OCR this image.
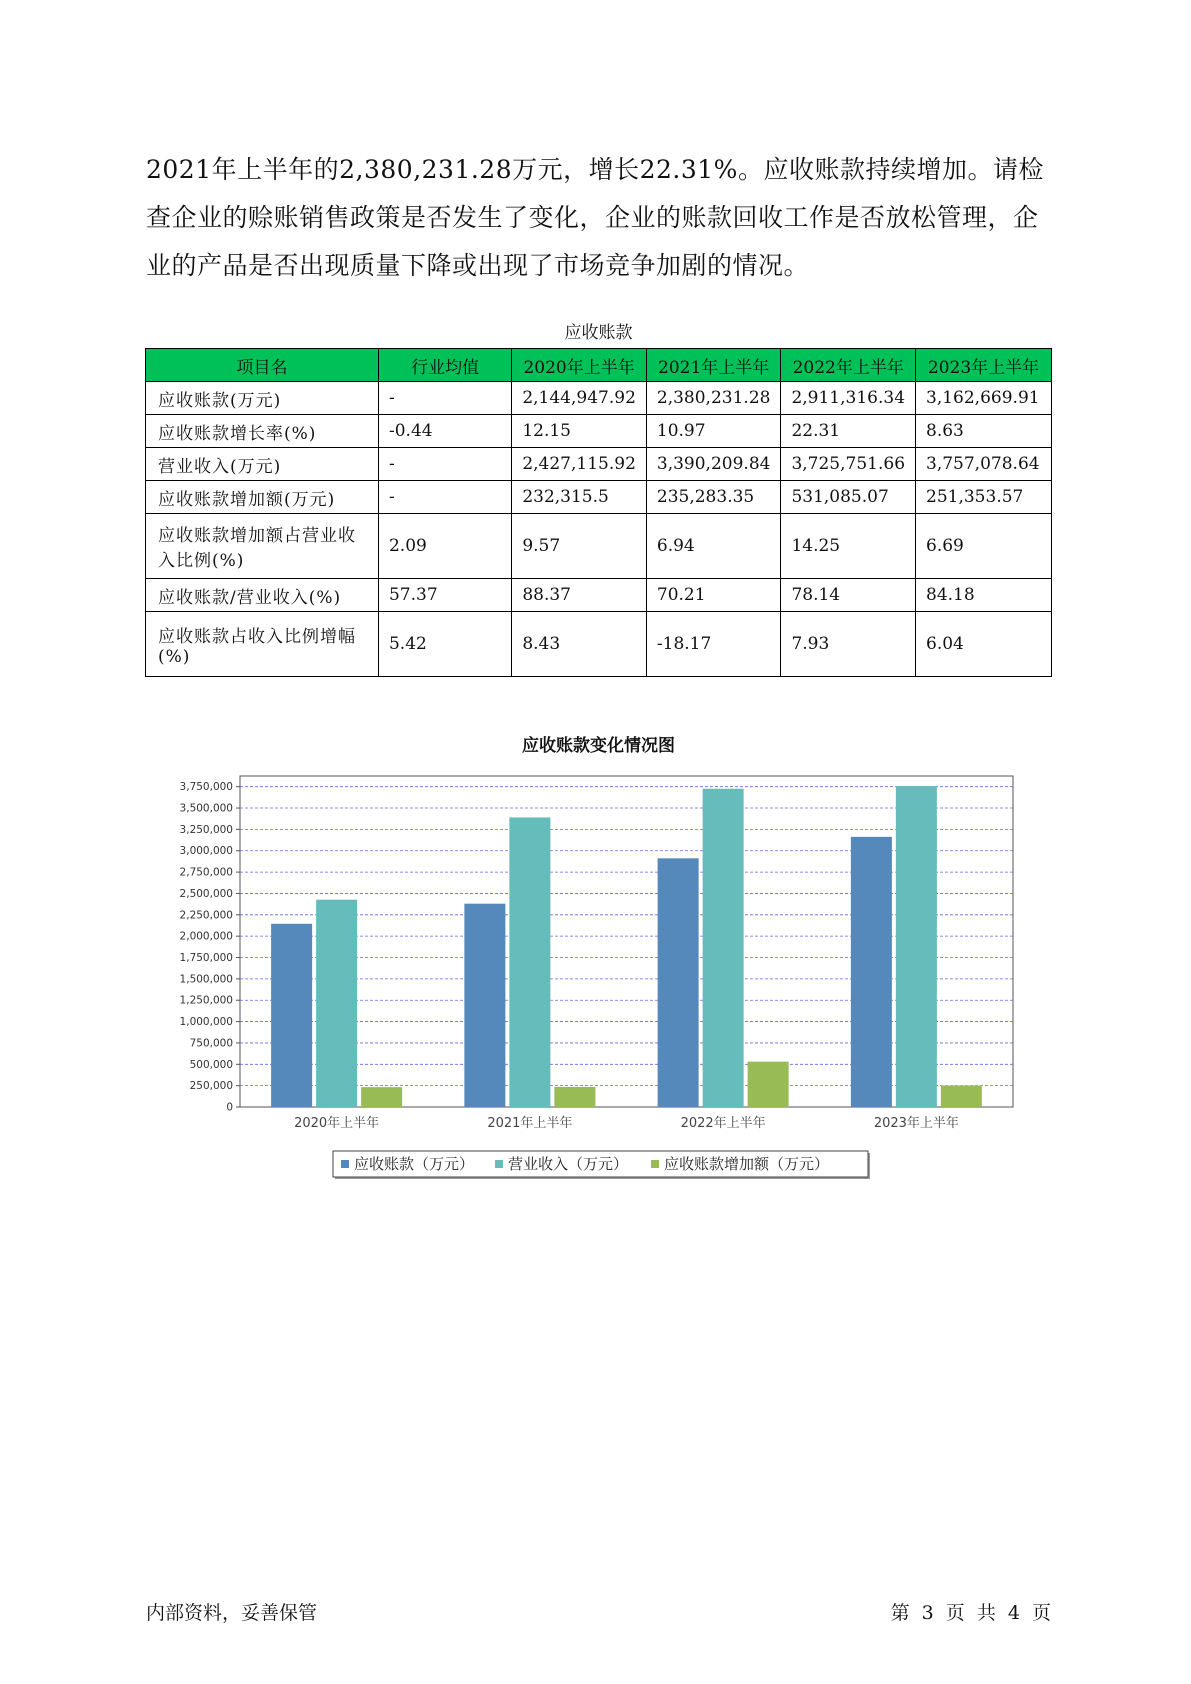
2021年上半年的2,380,231.28万元，增长22.31%。应收账款持续增加。请检查企业的赊账销售政策是否发生了变化，企业的账款回收工作是否放松管理，企业的产品是否出现质量下降或出现了市场竞争加剧的情况。

应收账款
项目名	行业均值	2020年上半年	2021年上半年	2022年上半年	2023年上半年
应收账款(万元)	-	2,144,947.92	2,380,231.28	2,911,316.34	3,162,669.91
应收账款增长率(%)	-0.44	12.15	10.97	22.31	8.63
营业收入(万元)	-	2,427,115.92	3,390,209.84	3,725,751.66	3,757,078.64
应收账款增加额(万元)	-	232,315.5	235,283.35	531,085.07	251,353.57
应收账款增加额占营业收入比例(%)	2.09	9.57	6.94	14.25	6.69
应收账款/营业收入(%)	57.37	88.37	70.21	78.14	84.18
应收账款占收入比例增幅(%)	5.42	8.43	-18.17	7.93	6.04
应收账款变化情况图
0
250,000
500,000
750,000
1,000,000
1,250,000
1,500,000
1,750,000
2,000,000
2,250,000
2,500,000
2,750,000
3,000,000
3,250,000
3,500,000
3,750,000
2020年上半年	2021年上半年	2022年上半年	2023年上半年
应收账款（万元） 营业收入（万元） 应收账款增加额（万元）
内部资料，妥善保管	第 3 页 共 4 页
